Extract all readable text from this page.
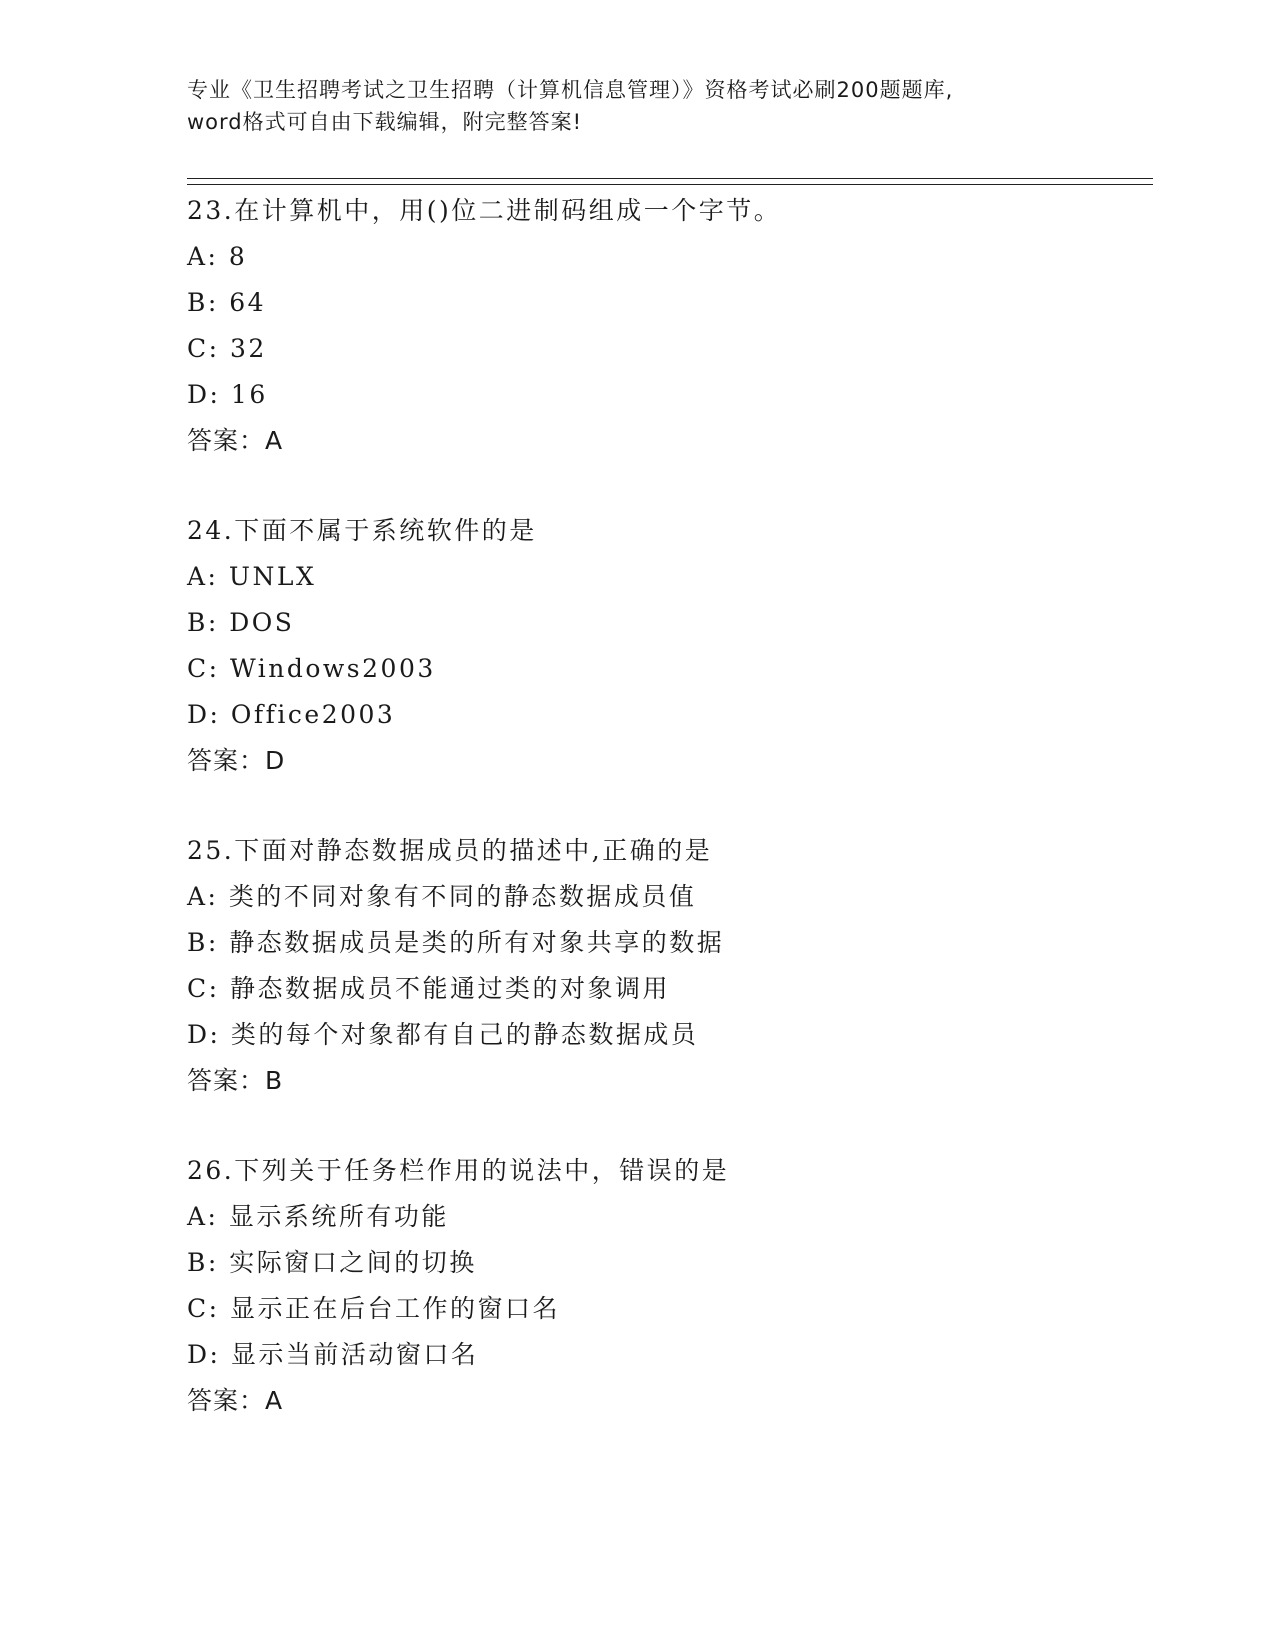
专业《卫生招聘考试之卫生招聘（计算机信息管理）》资格考试必刷200题题库,
word格式可自由下载编辑，附完整答案!
23.在计算机中，用()位二进制码组成一个字节。
A: 8
B: 64
C: 32
D: 16
答案：A
24.下面不属于系统软件的是
A: UNLX
B: DOS
C: Windows2003
D: Office2003
答案：D
25.下面对静态数据成员的描述中,正确的是
A: 类的不同对象有不同的静态数据成员值
B: 静态数据成员是类的所有对象共享的数据
C: 静态数据成员不能通过类的对象调用
D: 类的每个对象都有自己的静态数据成员
答案：B
26.下列关于任务栏作用的说法中，错误的是
A: 显示系统所有功能
B: 实际窗口之间的切换
C: 显示正在后台工作的窗口名
D: 显示当前活动窗口名
答案：A
